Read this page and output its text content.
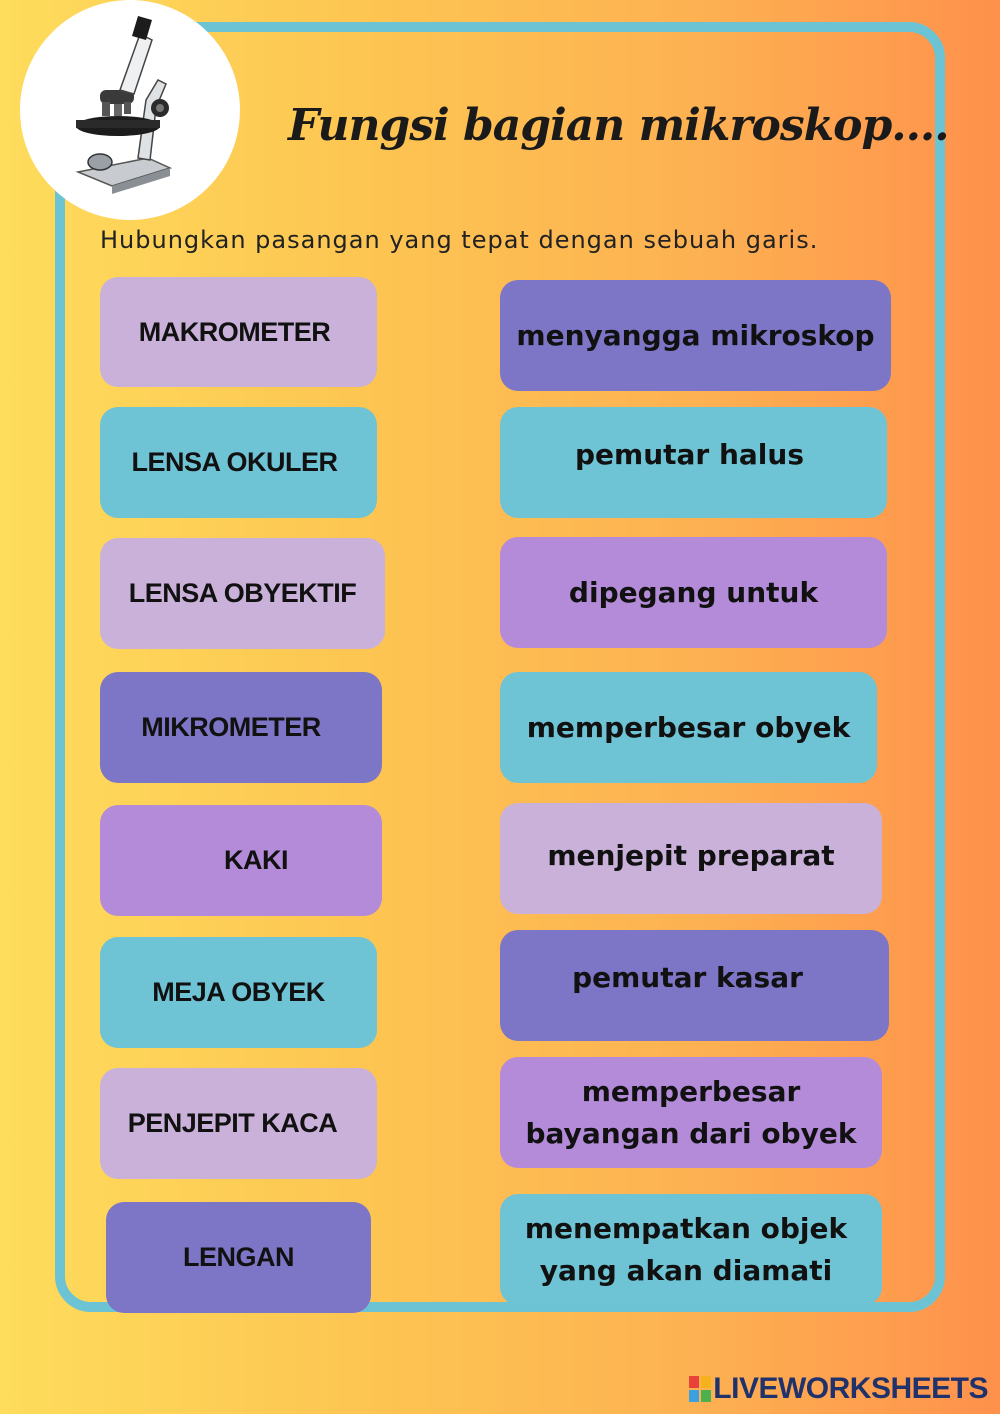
Fungsi bagian mikroskop....
Hubungkan pasangan yang tepat dengan sebuah garis.
MAKROMETER
LENSA OKULER
LENSA OBYEKTIF
MIKROMETER
KAKI
MEJA OBYEK
PENJEPIT KACA
LENGAN
menyangga mikroskop
pemutar halus
dipegang untuk
memperbesar obyek
menjepit preparat
pemutar kasar
memperbesar
bayangan dari obyek
menempatkan objek
yang akan diamati
LIVEWORKSHEETS
